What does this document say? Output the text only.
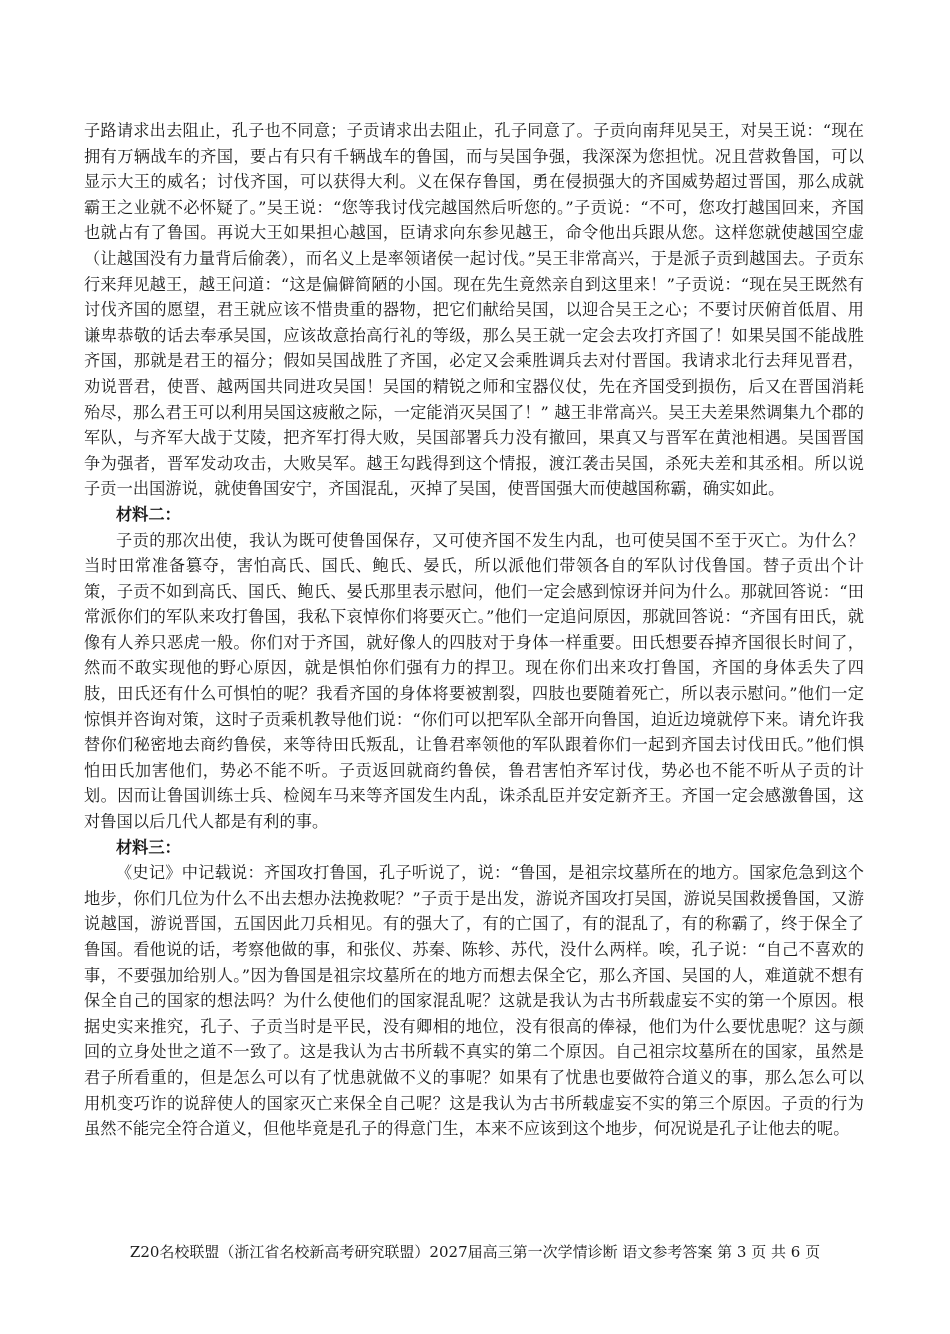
子路请求出去阻止，孔子也不同意；子贡请求出去阻止，孔子同意了。子贡向南拜见吴王，对吴王说：“现在拥有万辆战车的齐国，要占有只有千辆战车的鲁国，而与吴国争强，我深深为您担忧。况且营救鲁国，可以显示大王的威名；讨伐齐国，可以获得大利。义在保存鲁国，勇在侵损强大的齐国威势超过晋国，那么成就霸王之业就不必怀疑了。”吴王说：“您等我讨伐完越国然后听您的。”子贡说：“不可，您攻打越国回来，齐国也就占有了鲁国。再说大王如果担心越国，臣请求向东参见越王，命令他出兵跟从您。这样您就使越国空虚（让越国没有力量背后偷袭），而名义上是率领诸侯一起讨伐。”吴王非常高兴，于是派子贡到越国去。子贡东行来拜见越王，越王问道：“这是偏僻简陋的小国。现在先生竟然亲自到这里来！”子贡说：“现在吴王既然有讨伐齐国的愿望，君王就应该不惜贵重的器物，把它们献给吴国，以迎合吴王之心；不要讨厌俯首低眉、用谦卑恭敬的话去奉承吴国，应该故意抬高行礼的等级，那么吴王就一定会去攻打齐国了！如果吴国不能战胜齐国，那就是君王的福分；假如吴国战胜了齐国，必定又会乘胜调兵去对付晋国。我请求北行去拜见晋君，劝说晋君，使晋、越两国共同进攻吴国！吴国的精锐之师和宝器仪仗，先在齐国受到损伤，后又在晋国消耗殆尽，那么君王可以利用吴国这疲敝之际，一定能消灭吴国了！” 越王非常高兴。吴王夫差果然调集九个郡的军队，与齐军大战于艾陵，把齐军打得大败，吴国部署兵力没有撤回，果真又与晋军在黄池相遇。吴国晋国争为强者，晋军发动攻击，大败吴军。越王勾践得到这个情报，渡江袭击吴国，杀死夫差和其丞相。所以说子贡一出国游说，就使鲁国安宁，齐国混乱，灭掉了吴国，使晋国强大而使越国称霸，确实如此。

材料二：

子贡的那次出使，我认为既可使鲁国保存，又可使齐国不发生内乱，也可使吴国不至于灭亡。为什么？当时田常准备篡夺，害怕高氏、国氏、鲍氏、晏氏，所以派他们带领各自的军队讨伐鲁国。替子贡出个计策，子贡不如到高氏、国氏、鲍氏、晏氏那里表示慰问，他们一定会感到惊讶并问为什么。那就回答说：“田常派你们的军队来攻打鲁国，我私下哀悼你们将要灭亡。”他们一定追问原因，那就回答说：“齐国有田氏，就像有人养只恶虎一般。你们对于齐国，就好像人的四肢对于身体一样重要。田氏想要吞掉齐国很长时间了，然而不敢实现他的野心原因，就是惧怕你们强有力的捍卫。现在你们出来攻打鲁国，齐国的身体丢失了四肢，田氏还有什么可惧怕的呢？我看齐国的身体将要被割裂，四肢也要随着死亡，所以表示慰问。”他们一定惊惧并咨询对策，这时子贡乘机教导他们说：“你们可以把军队全部开向鲁国，迫近边境就停下来。请允许我替你们秘密地去商约鲁侯，来等待田氏叛乱，让鲁君率领他的军队跟着你们一起到齐国去讨伐田氏。”他们惧怕田氏加害他们，势必不能不听。子贡返回就商约鲁侯，鲁君害怕齐军讨伐，势必也不能不听从子贡的计划。因而让鲁国训练士兵、检阅车马来等齐国发生内乱，诛杀乱臣并安定新齐王。齐国一定会感激鲁国，这对鲁国以后几代人都是有利的事。

材料三：

《史记》中记载说：齐国攻打鲁国，孔子听说了，说：“鲁国，是祖宗坟墓所在的地方。国家危急到这个地步，你们几位为什么不出去想办法挽救呢？”子贡于是出发，游说齐国攻打吴国，游说吴国救援鲁国，又游说越国，游说晋国，五国因此刀兵相见。有的强大了，有的亡国了，有的混乱了，有的称霸了，终于保全了鲁国。看他说的话，考察他做的事，和张仪、苏秦、陈轸、苏代，没什么两样。唉，孔子说：“自己不喜欢的事，不要强加给别人。”因为鲁国是祖宗坟墓所在的地方而想去保全它，那么齐国、吴国的人，难道就不想有保全自己的国家的想法吗？为什么使他们的国家混乱呢？这就是我认为古书所载虚妄不实的第一个原因。根据史实来推究，孔子、子贡当时是平民，没有卿相的地位，没有很高的俸禄，他们为什么要忧患呢？这与颜回的立身处世之道不一致了。这是我认为古书所载不真实的第二个原因。自己祖宗坟墓所在的国家，虽然是君子所看重的，但是怎么可以有了忧患就做不义的事呢？如果有了忧患也要做符合道义的事，那么怎么可以用机变巧诈的说辞使人的国家灭亡来保全自己呢？这是我认为古书所载虚妄不实的第三个原因。子贡的行为虽然不能完全符合道义，但他毕竟是孔子的得意门生，本来不应该到这个地步，何况说是孔子让他去的呢。

Z20名校联盟（浙江省名校新高考研究联盟）2027届高三第一次学情诊断 语文参考答案 第 3 页 共 6 页
